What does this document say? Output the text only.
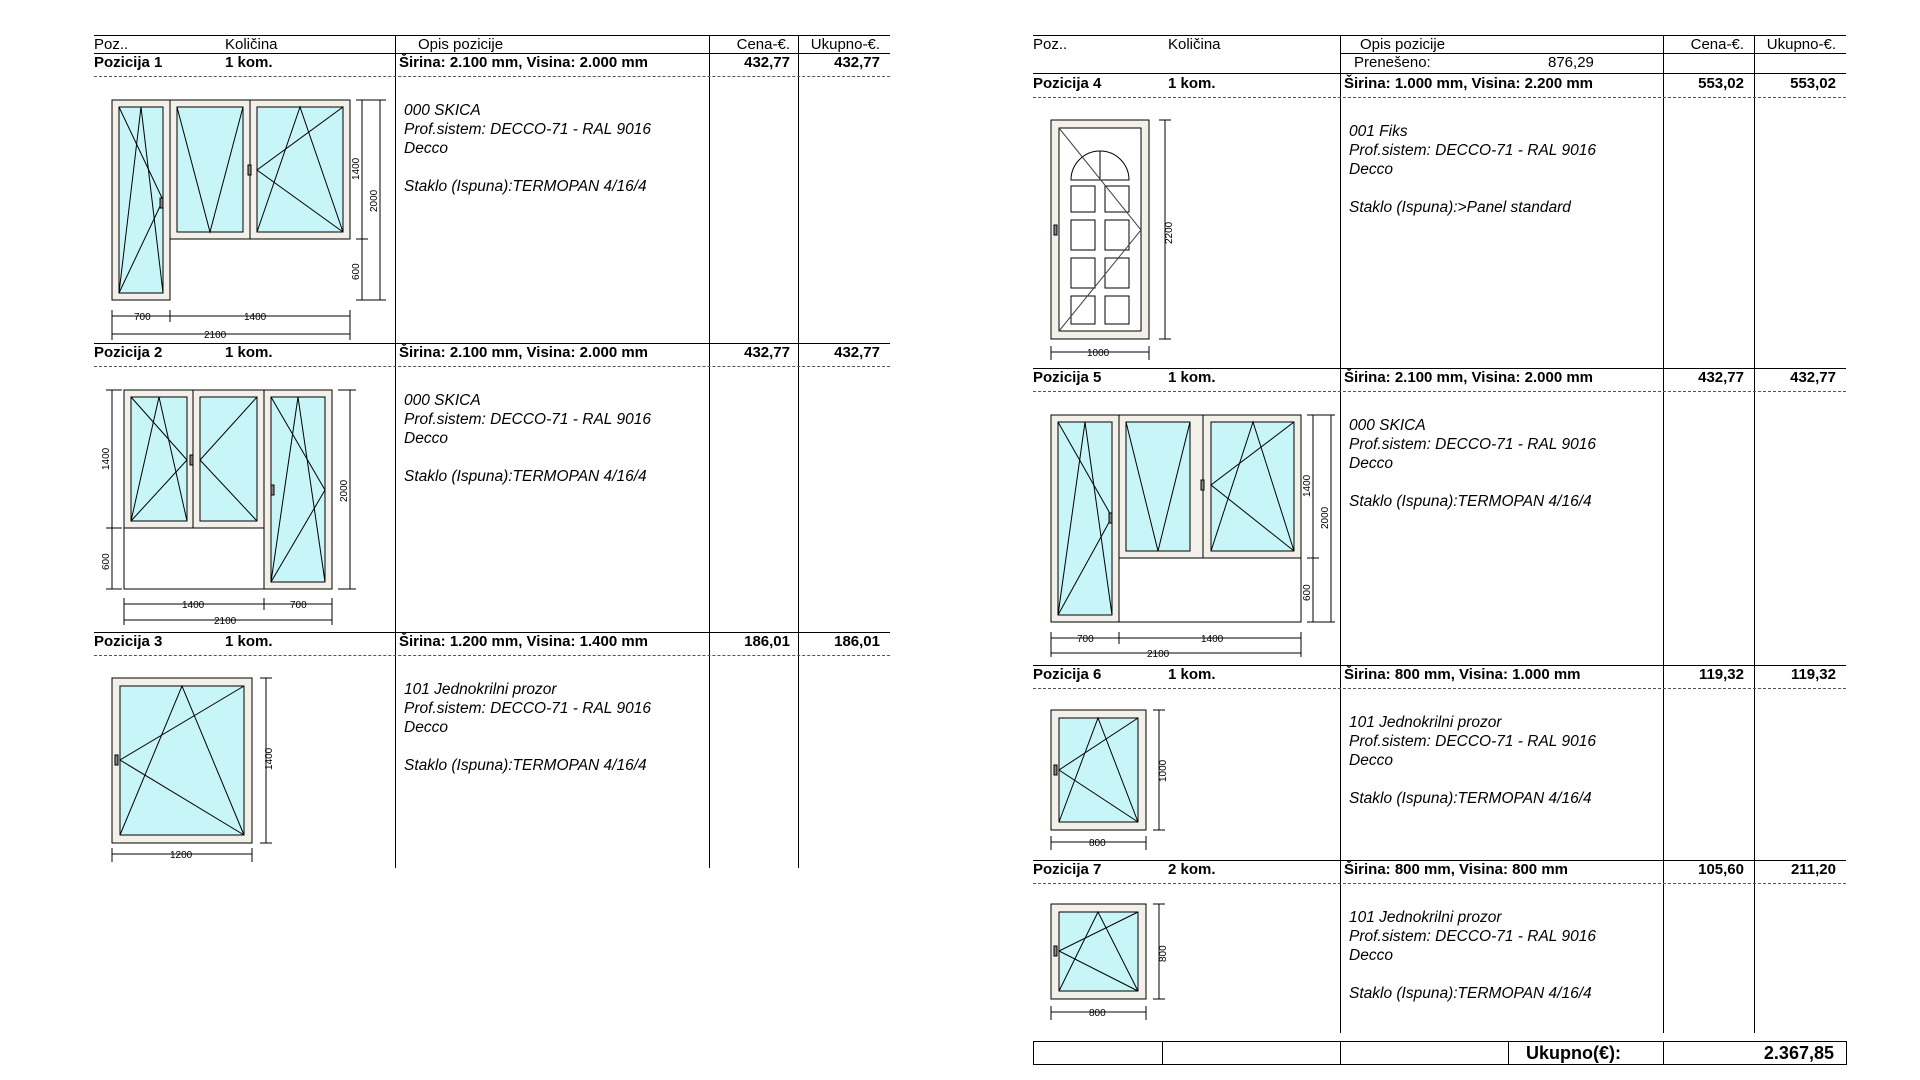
Poz..	Količina	Opis pozicije	Cena-€.	Ukupno-€.
Pozicija 1	1 kom.	Širina: 2.100 mm, Visina: 2.000 mm	432,77	432,77
000 SKICA
Prof.sistem: DECCO-71 - RAL 9016
Decco

Staklo (Ispuna):TERMOPAN 4/16/4
700	1400
2100
1400
600
2000
Pozicija 2	1 kom.	Širina: 2.100 mm, Visina: 2.000 mm	432,77	432,77
000 SKICA
Prof.sistem: DECCO-71 - RAL 9016
Decco

Staklo (Ispuna):TERMOPAN 4/16/4
1400	700
2100
1400
600
2000
Pozicija 3	1 kom.	Širina: 1.200 mm, Visina: 1.400 mm	186,01	186,01
101 Jednokrilni prozor
Prof.sistem: DECCO-71 - RAL 9016
Decco

Staklo (Ispuna):TERMOPAN 4/16/4
1200
1400
Poz..	Količina	Opis pozicije	Cena-€.	Ukupno-€.
Prenešeno:	876,29
Pozicija 4	1 kom.	Širina: 1.000 mm, Visina: 2.200 mm	553,02	553,02
001 Fiks
Prof.sistem: DECCO-71 - RAL 9016
Decco

Staklo (Ispuna):>Panel standard
1000
2200
Pozicija 5	1 kom.	Širina: 2.100 mm, Visina: 2.000 mm	432,77	432,77
000 SKICA
Prof.sistem: DECCO-71 - RAL 9016
Decco

Staklo (Ispuna):TERMOPAN 4/16/4
700	1400
2100
1400
600
2000
Pozicija 6	1 kom.	Širina: 800 mm, Visina: 1.000 mm	119,32	119,32
101 Jednokrilni prozor
Prof.sistem: DECCO-71 - RAL 9016
Decco

Staklo (Ispuna):TERMOPAN 4/16/4
800
1000
Pozicija 7	2 kom.	Širina: 800 mm, Visina: 800 mm	105,60	211,20
101 Jednokrilni prozor
Prof.sistem: DECCO-71 - RAL 9016
Decco

Staklo (Ispuna):TERMOPAN 4/16/4
800
800
Ukupno(€):	2.367,85
